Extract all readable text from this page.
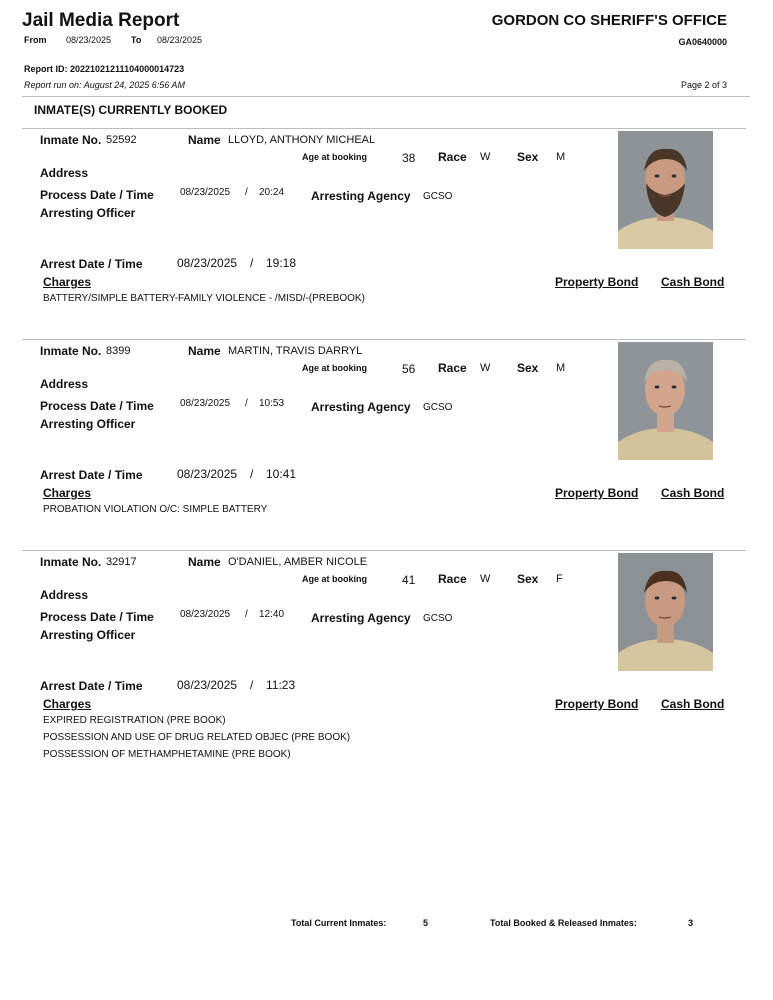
Jail Media Report	GORDON CO SHERIFF'S OFFICE
From 08/23/2025 To 08/23/2025	GA0640000
Report ID: 20221021211104000014723
Report run on: August 24, 2025 6:56 AM	Page 2 of 3
INMATE(S) CURRENTLY BOOKED
Inmate No. 52592	Name LLOYD, ANTHONY MICHEAL
Age at booking	38 Race W Sex M
Address
Process Date / Time	08/23/2025 / 20:24 Arresting Agency GCSO
Arresting Officer
Arrest Date / Time	08/23/2025 / 19:18
Charges	Property Bond Cash Bond
BATTERY/SIMPLE BATTERY-FAMILY VIOLENCE - /MISD/-(PREBOOK)
Inmate No. 8399	Name MARTIN, TRAVIS DARRYL
Age at booking	56 Race W Sex M
Address
Process Date / Time	08/23/2025 / 10:53 Arresting Agency GCSO
Arresting Officer
Arrest Date / Time	08/23/2025 / 10:41
Charges	Property Bond Cash Bond
PROBATION VIOLATION O/C: SIMPLE BATTERY
Inmate No. 32917	Name O'DANIEL, AMBER NICOLE
Age at booking	41 Race W Sex F
Address
Process Date / Time	08/23/2025 / 12:40 Arresting Agency GCSO
Arresting Officer
Arrest Date / Time	08/23/2025 / 11:23
Charges	Property Bond Cash Bond
EXPIRED REGISTRATION (PRE BOOK)
POSSESSION AND USE OF DRUG RELATED OBJEC (PRE BOOK)
POSSESSION OF METHAMPHETAMINE (PRE BOOK)
Total Current Inmates:	5	Total Booked & Released Inmates:	3
